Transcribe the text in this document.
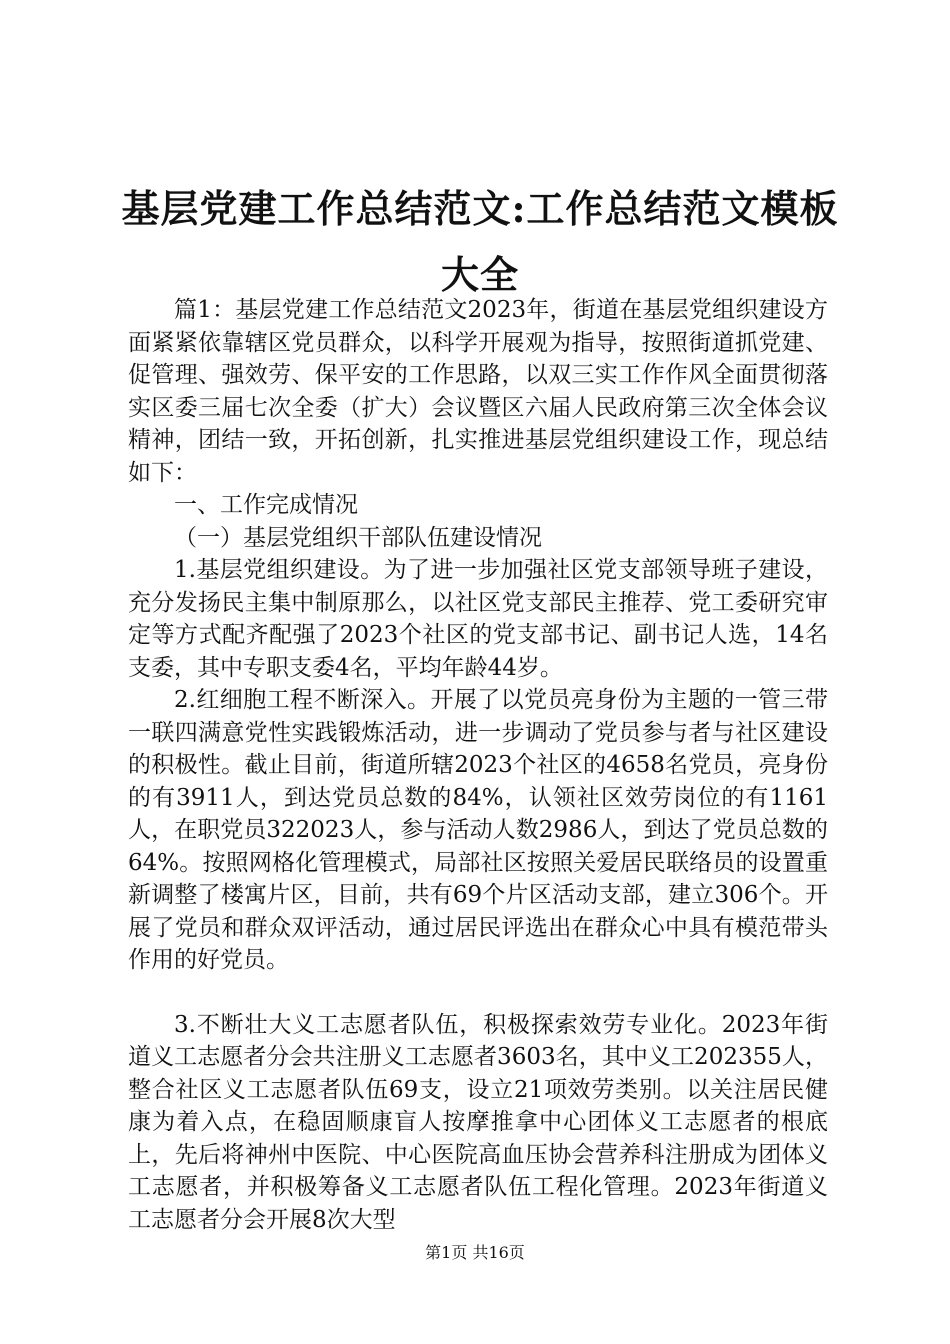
基层党建工作总结范文:工作总结范文模板大全

篇1：基层党建工作总结范文2023年，街道在基层党组织建设方面紧紧依靠辖区党员群众，以科学开展观为指导，按照街道抓党建、促管理、强效劳、保平安的工作思路，以双三实工作作风全面贯彻落实区委三届七次全委（扩大）会议暨区六届人民政府第三次全体会议精神，团结一致，开拓创新，扎实推进基层党组织建设工作，现总结如下：

一、工作完成情况

（一）基层党组织干部队伍建设情况

1.基层党组织建设。为了进一步加强社区党支部领导班子建设，充分发扬民主集中制原那么，以社区党支部民主推荐、党工委研究审定等方式配齐配强了2023个社区的党支部书记、副书记人选，14名支委，其中专职支委4名，平均年龄44岁。

2.红细胞工程不断深入。开展了以党员亮身份为主题的一管三带一联四满意党性实践锻炼活动，进一步调动了党员参与者与社区建设的积极性。截止目前，街道所辖2023个社区的4658名党员，亮身份的有3911人，到达党员总数的84%，认领社区效劳岗位的有1161人，在职党员322023人，参与活动人数2986人，到达了党员总数的64%。按照网格化管理模式，局部社区按照关爱居民联络员的设置重新调整了楼寓片区，目前，共有69个片区活动支部，建立306个。开展了党员和群众双评活动，通过居民评选出在群众心中具有模范带头作用的好党员。

3.不断壮大义工志愿者队伍，积极探索效劳专业化。2023年街道义工志愿者分会共注册义工志愿者3603名，其中义工202355人，整合社区义工志愿者队伍69支，设立21项效劳类别。以关注居民健康为着入点，在稳固顺康盲人按摩推拿中心团体义工志愿者的根底上，先后将神州中医院、中心医院高血压协会营养科注册成为团体义工志愿者，并积极筹备义工志愿者队伍工程化管理。2023年街道义工志愿者分会开展8次大型

第1页 共16页
